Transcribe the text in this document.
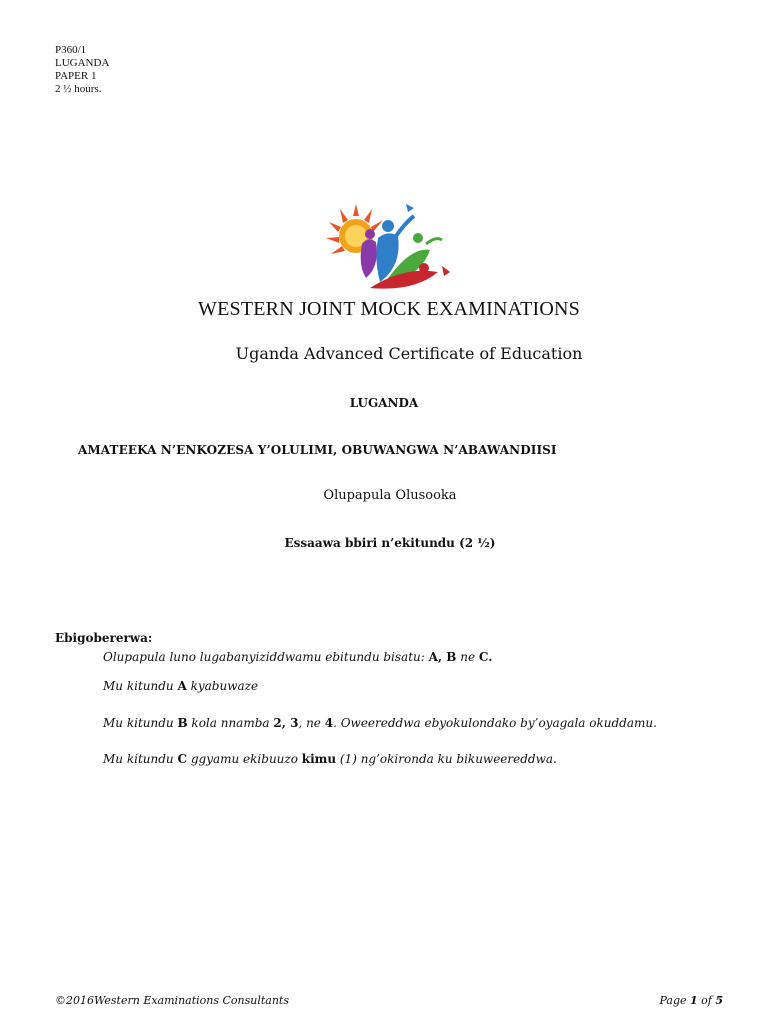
P360/1
LUGANDA
PAPER 1
2 ½ hours.
WESTERN JOINT MOCK EXAMINATIONS
Uganda Advanced Certificate of Education
LUGANDA
AMATEEKA N’ENKOZESA Y’OLULIMI, OBUWANGWA N’ABAWANDIISI
Olupapula Olusooka
Essaawa bbiri n’ekitundu (2 ½)
Ebigobererwa:
Olupapula luno lugabanyiziddwamu ebitundu bisatu: A, B ne C.
Mu kitundu A kyabuwaze
Mu kitundu B kola nnamba 2, 3, ne 4. Oweereddwa ebyokulondako by’oyagala okuddamu.
Mu kitundu C ggyamu ekibuuzo kimu (1) ng’okironda ku bikuweereddwa.
©2016Western Examinations Consultants	Page 1 of 5
